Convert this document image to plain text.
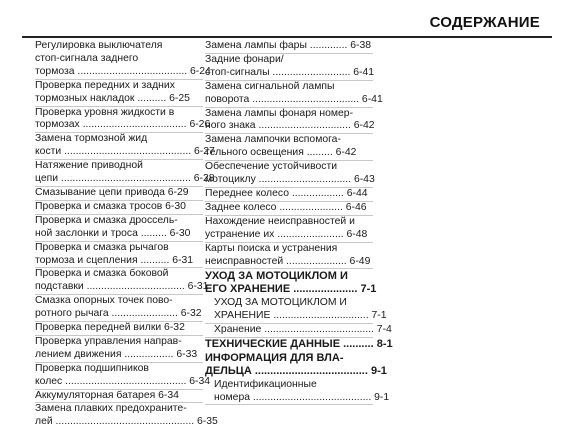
СОДЕРЖАНИЕ
Регулировка выключателя
стоп-сигнала заднего
тормоза ...................................... 6-24
Проверка передних и задних
тормозных накладок .......... 6-25
Проверка уровня жидкости в
тормозах .................................... 6-26
Замена тормозной жид
кости ............................................ 6-27
Натяжение приводной
цепи ............................................. 6-28
Смазывание цепи привода 6-29
Проверка и смазка тросов 6-30
Проверка и смазка дроссель-
ной заслонки и троса ......... 6-30
Проверка и смазка рычагов
тормоза и сцепления .......... 6-31
Проверка и смазка боковой
подставки .................................. 6-31
Смазка опорных точек пово-
ротного рычага ....................... 6-32
Проверка передней вилки 6-32
Проверка управления направ-
лением движения ................. 6-33
Проверка подшипников
колес .......................................... 6-34
Аккумуляторная батарея 6-34
Замена плавких предохраните-
лей ................................................ 6-35
Замена лампы фары ............. 6-38
Задние фонари/
стоп-сигналы ........................... 6-41
Замена сигнальной лампы
поворота ..................................... 6-41
Замена лампы фонаря номер-
ного знака ................................ 6-42
Замена лампочки вспомога-
тельного освещения ......... 6-42
Обеспечение устойчивости
мотоциклу ................................ 6-43
Переднее колесо .................. 6-44
Заднее колесо ...................... 6-46
Нахождение неисправностей и
устранение их ....................... 6-48
Карты поиска и устранения
неисправностей ..................... 6-49
УХОД ЗА МОТОЦИКЛОМ И
ЕГО ХРАНЕНИЕ ..................... 7-1
УХОД ЗА МОТОЦИКЛОМ И
ХРАНЕНИЕ ................................. 7-1
Хранение ...................................... 7-4
ТЕХНИЧЕСКИЕ ДАННЫЕ .......... 8-1
ИНФОРМАЦИЯ ДЛЯ ВЛА-
ДЕЛЬЦА ..................................... 9-1
Идентификационные
номера ......................................... 9-1
